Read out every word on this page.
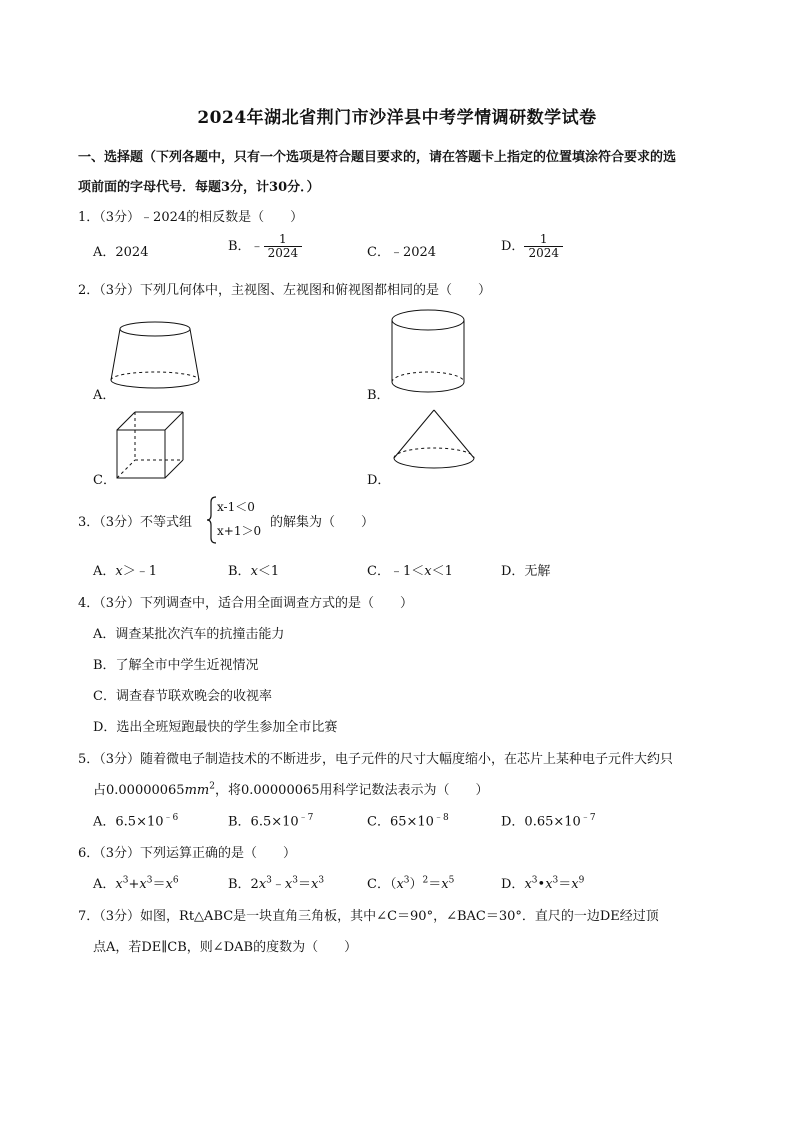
2024年湖北省荆门市沙洋县中考学情调研数学试卷
一、选择题（下列各题中，只有一个选项是符合题目要求的，请在答题卡上指定的位置填涂符合要求的选
项前面的字母代号．每题3分，计30分．）
1．（3分）﹣2024的相反数是（　　）
A．2024	B．﹣ $\frac{1}{2024}$	C．﹣2024	D． $\frac{1}{2024}$
2．（3分）下列几何体中，主视图、左视图和俯视图都相同的是（　　）
A．	B．
C．	D．
3．（3分）不等式组
x-1＜0
x+1＞0
的解集为（　　）
A．x＞﹣1	B．x＜1	C．﹣1＜x＜1	D．无解
4．（3分）下列调查中，适合用全面调查方式的是（　　）
A．调查某批次汽车的抗撞击能力
B．了解全市中学生近视情况
C．调查春节联欢晚会的收视率
D．选出全班短跑最快的学生参加全市比赛
5．（3分）随着微电子制造技术的不断进步，电子元件的尺寸大幅度缩小，在芯片上某种电子元件大约只
占$0.00000065mm^2$，将0.00000065用科学记数法表示为（　　）
A．$6.5\times 10^{﹣6}$	B．$6.5\times 10^{﹣7}$	C．$65\times 10^{﹣8}$	D．$0.65\times 10^{﹣7}$
6．（3分）下列运算正确的是（　　）
A．$x^3+x^3=x^6$	B．$2x^3﹣x^3=x^3$	C．$(x^3)^2=x^5$	D．$x^3•x^3=x^9$
7．（3分）如图，Rt△ABC是一块直角三角板，其中∠C＝90°，∠BAC＝30°．直尺的一边DE经过顶
点A，若DE∥CB，则∠DAB的度数为（　　）
